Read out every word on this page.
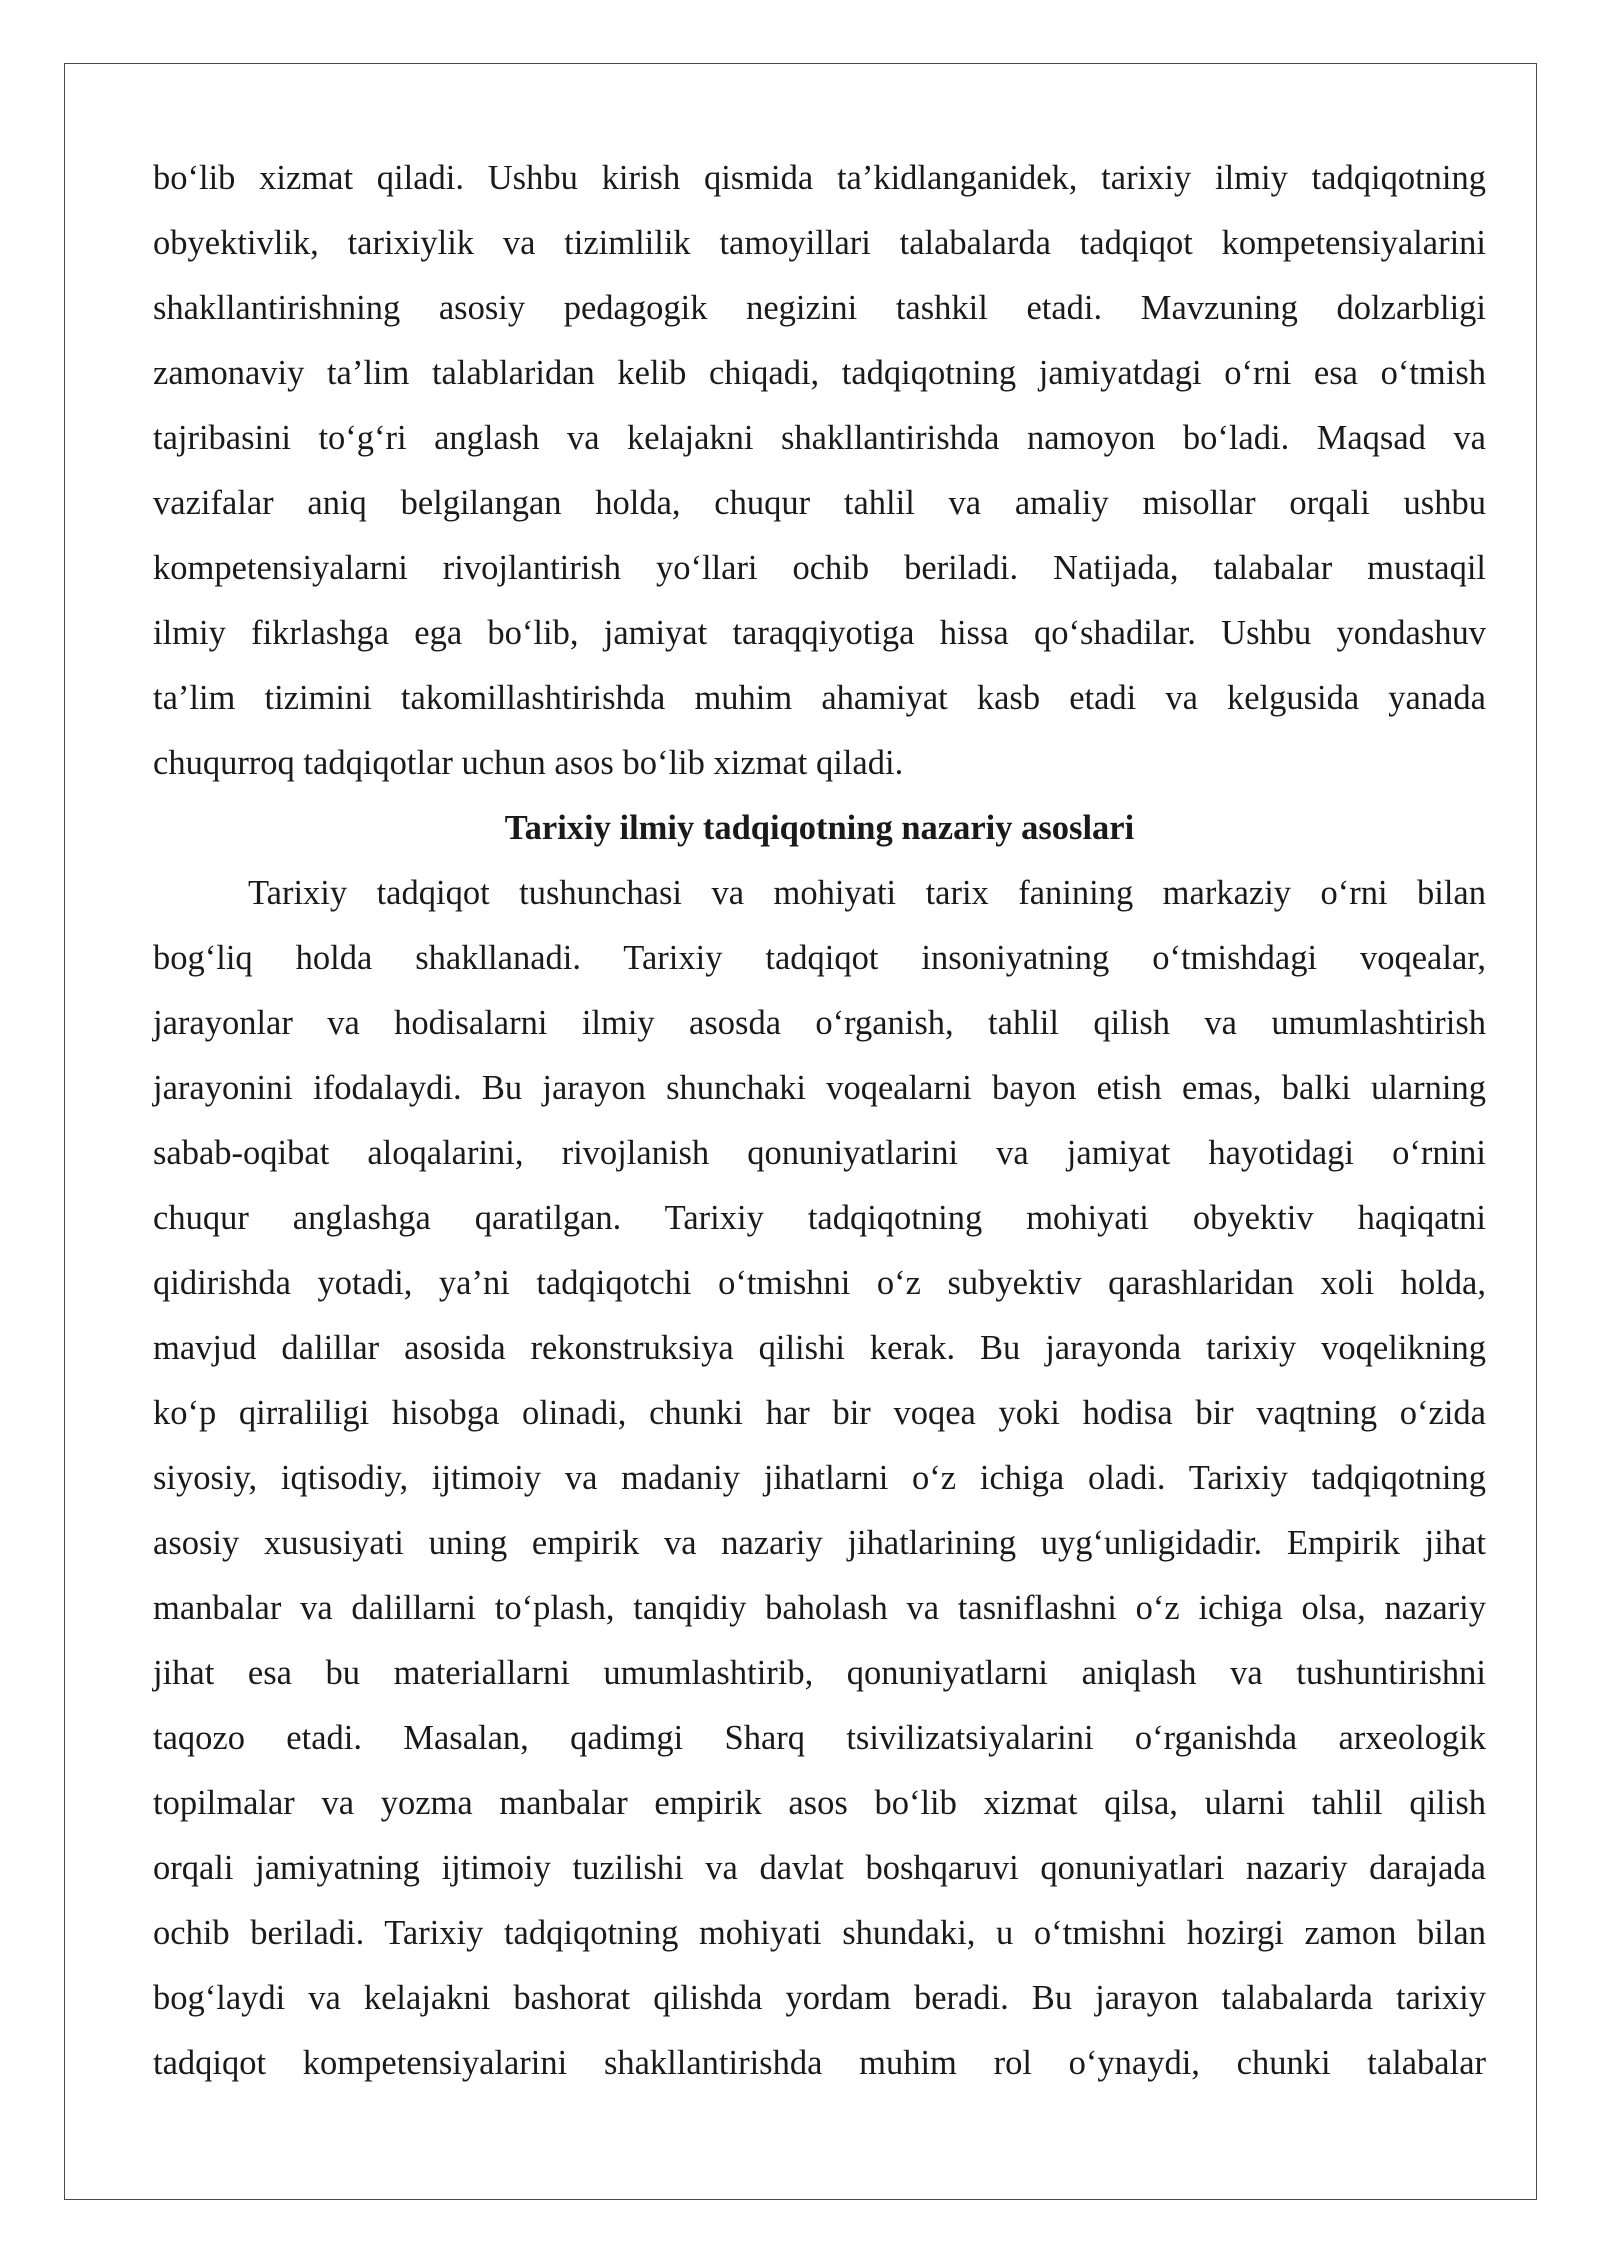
bo‘lib xizmat qiladi. Ushbu kirish qismida ta’kidlanganidek, tarixiy ilmiy tadqiqotning
obyektivlik, tarixiylik va tizimlilik tamoyillari talabalarda tadqiqot kompetensiyalarini
shakllantirishning asosiy pedagogik negizini tashkil etadi. Mavzuning dolzarbligi
zamonaviy ta’lim talablaridan kelib chiqadi, tadqiqotning jamiyatdagi o‘rni esa o‘tmish
tajribasini to‘g‘ri anglash va kelajakni shakllantirishda namoyon bo‘ladi. Maqsad va
vazifalar aniq belgilangan holda, chuqur tahlil va amaliy misollar orqali ushbu
kompetensiyalarni rivojlantirish yo‘llari ochib beriladi. Natijada, talabalar mustaqil
ilmiy fikrlashga ega bo‘lib, jamiyat taraqqiyotiga hissa qo‘shadilar. Ushbu yondashuv
ta’lim tizimini takomillashtirishda muhim ahamiyat kasb etadi va kelgusida yanada
chuqurroq tadqiqotlar uchun asos bo‘lib xizmat qiladi.
Tarixiy ilmiy tadqiqotning nazariy asoslari
Tarixiy tadqiqot tushunchasi va mohiyati tarix fanining markaziy o‘rni bilan
bog‘liq holda shakllanadi. Tarixiy tadqiqot insoniyatning o‘tmishdagi voqealar,
jarayonlar va hodisalarni ilmiy asosda o‘rganish, tahlil qilish va umumlashtirish
jarayonini ifodalaydi. Bu jarayon shunchaki voqealarni bayon etish emas, balki ularning
sabab-oqibat aloqalarini, rivojlanish qonuniyatlarini va jamiyat hayotidagi o‘rnini
chuqur anglashga qaratilgan. Tarixiy tadqiqotning mohiyati obyektiv haqiqatni
qidirishda yotadi, ya’ni tadqiqotchi o‘tmishni o‘z subyektiv qarashlaridan xoli holda,
mavjud dalillar asosida rekonstruksiya qilishi kerak. Bu jarayonda tarixiy voqelikning
ko‘p qirraliligi hisobga olinadi, chunki har bir voqea yoki hodisa bir vaqtning o‘zida
siyosiy, iqtisodiy, ijtimoiy va madaniy jihatlarni o‘z ichiga oladi. Tarixiy tadqiqotning
asosiy xususiyati uning empirik va nazariy jihatlarining uyg‘unligidadir. Empirik jihat
manbalar va dalillarni to‘plash, tanqidiy baholash va tasniflashni o‘z ichiga olsa, nazariy
jihat esa bu materiallarni umumlashtirib, qonuniyatlarni aniqlash va tushuntirishni
taqozo etadi. Masalan, qadimgi Sharq tsivilizatsiyalarini o‘rganishda arxeologik
topilmalar va yozma manbalar empirik asos bo‘lib xizmat qilsa, ularni tahlil qilish
orqali jamiyatning ijtimoiy tuzilishi va davlat boshqaruvi qonuniyatlari nazariy darajada
ochib beriladi. Tarixiy tadqiqotning mohiyati shundaki, u o‘tmishni hozirgi zamon bilan
bog‘laydi va kelajakni bashorat qilishda yordam beradi. Bu jarayon talabalarda tarixiy
tadqiqot kompetensiyalarini shakllantirishda muhim rol o‘ynaydi, chunki talabalar
